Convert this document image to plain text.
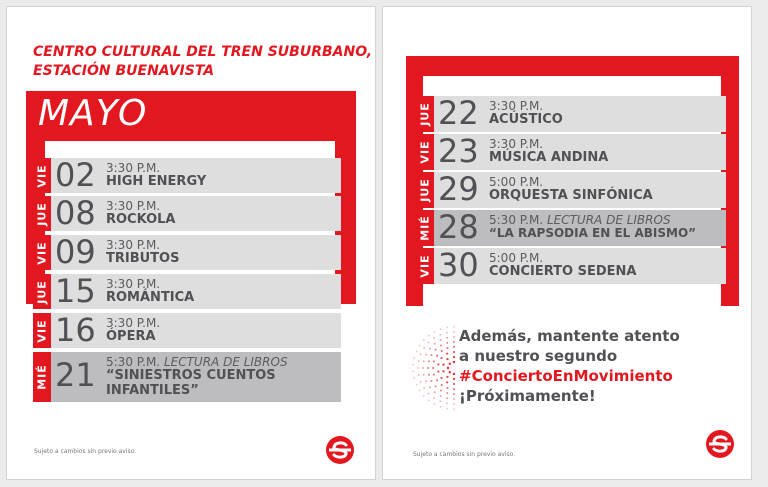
CENTRO CULTURAL DEL TREN SUBURBANO,
ESTACIÓN BUENAVISTA
MAYO
VIE 02 3:30 P.M.
HIGH ENERGY
JUE 08 3:30 P.M.
ROCKOLA
VIE 09 3:30 P.M.
TRIBUTOS
JUE 15 3:30 P.M.
ROMÁNTICA
VIE 16 3:30 P.M.
ÓPERA
MIÉ 21 5:30 P.M. LECTURA DE LIBROS
“SINIESTROS CUENTOS
INFANTILES”
Sujeto a cambios sin previo aviso.
JUE 22 3:30 P.M.
ACÚSTICO
VIE 23 3:30 P.M.
MÚSICA ANDINA
JUE 29 5:00 P.M.
ORQUESTA SINFÓNICA
MIÉ 28 5:30 P.M. LECTURA DE LIBROS
“LA RAPSODIA EN EL ABISMO”
VIE 30 5:00 P.M.
CONCIERTO SEDENA
Además, mantente atento
a nuestro segundo
#ConciertoEnMovimiento
¡Próximamente!
Sujeto a cambios sin previo aviso.
